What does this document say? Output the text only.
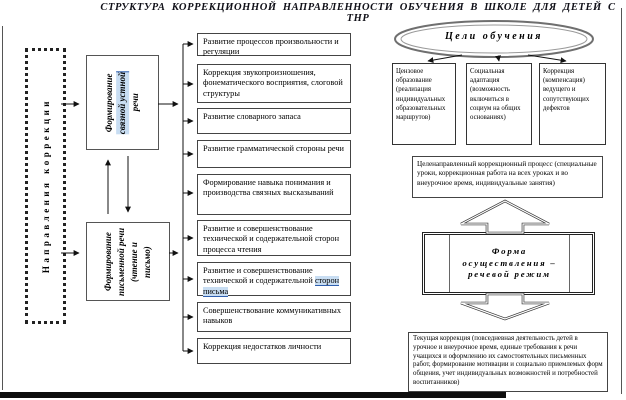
СТРУКТУРА КОРРЕКЦИОННОЙ НАПРАВЛЕННОСТИ ОБУЧЕНИЯ В ШКОЛЕ ДЛЯ ДЕТЕЙ С ТНР
Направления коррекции	Формирование связной устной речи
Формирование письменной речи (чтение и письмо)
Развитие процессов произвольности и регуляции
Коррекция звукопроизношения, фонематического восприятия, слоговой структуры
Развитие словарного запаса
Развитие грамматической стороны речи
Формирование навыка понимания и производства связных высказываний
Развитие и совершенствование технической и содержательной сторон процесса чтения
Развитие и совершенствование технической и содержательной сторон письма
Совершенствование коммуникативных навыков
Коррекция недостатков личности
Цели обучения
Цензовое образование (реализация индивидуальных образовательных маршрутов)
Социальная адаптация (возможность включиться в социум на общих основаниях)
Коррекция (компенсация) ведущего и сопутствующих дефектов
Целенаправленный коррекционный процесс (специальные уроки, коррекционная работа на всех уроках и во внеурочное время, индивидуальные занятия)
Форма осуществления – речевой режим
Текущая коррекция (повседневная деятельность детей в урочное и внеурочное время, единые требования к речи учащихся и оформлению их самостоятельных письменных работ, формирование мотивации и социально приемлемых форм общения, учет индивидуальных возможностей и потребностей воспитанников)
